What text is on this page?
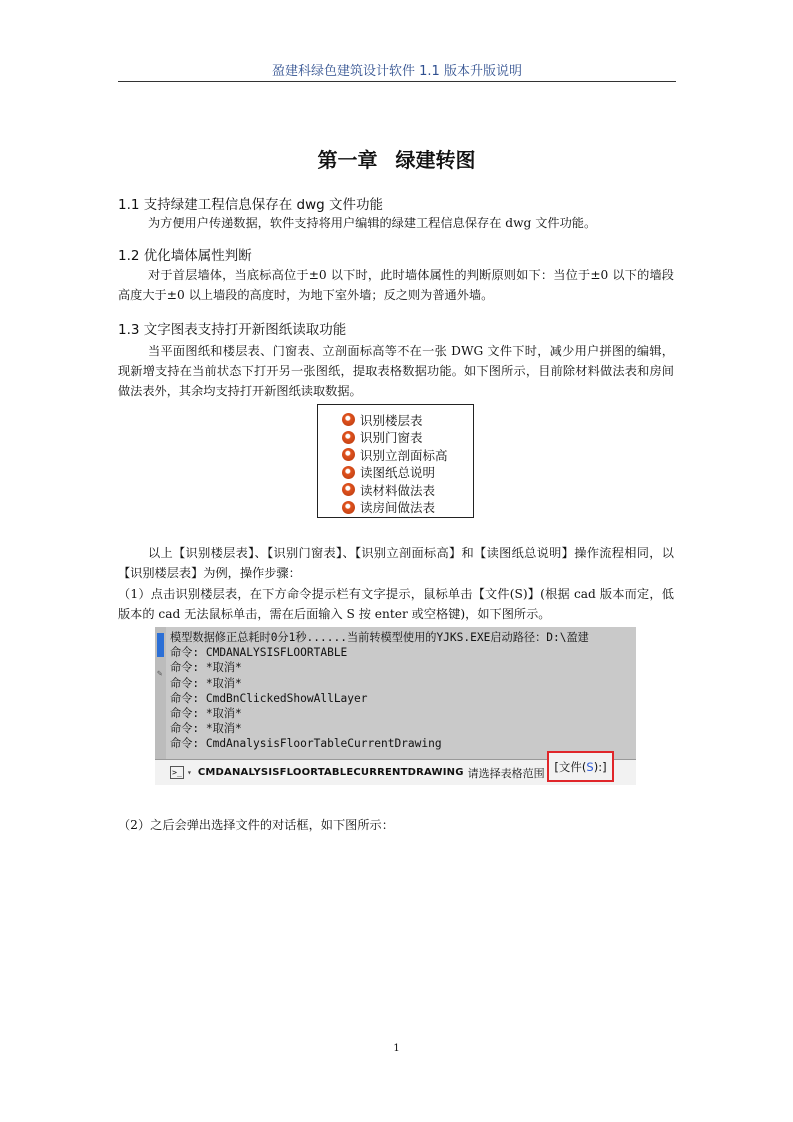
盈建科绿色建筑设计软件 1.1 版本升版说明
第一章 绿建转图
1.1 支持绿建工程信息保存在 dwg 文件功能

为方便用户传递数据，软件支持将用户编辑的绿建工程信息保存在 dwg 文件功能。

1.2 优化墙体属性判断

对于首层墙体，当底标高位于±0 以下时，此时墙体属性的判断原则如下：当位于±0 以下的墙段高度大于±0 以上墙段的高度时，为地下室外墙；反之则为普通外墙。

1.3 文字图表支持打开新图纸读取功能

当平面图纸和楼层表、门窗表、立剖面标高等不在一张 DWG 文件下时，减少用户拼图的编辑，现新增支持在当前状态下打开另一张图纸，提取表格数据功能。如下图所示，目前除材料做法表和房间做法表外，其余均支持打开新图纸读取数据。

识别楼层表
识别门窗表
识别立剖面标高
读图纸总说明
读材料做法表
读房间做法表

以上【识别楼层表】、【识别门窗表】、【识别立剖面标高】和【读图纸总说明】操作流程相同，以【识别楼层表】为例，操作步骤：

（1）点击识别楼层表，在下方命令提示栏有文字提示，鼠标单击【文件(S)】(根据 cad 版本而定，低版本的 cad 无法鼠标单击，需在后面输入 S 按 enter 或空格键)，如下图所示。

✎
模型数据修正总耗时0分1秒......当前转模型使用的YJKS.EXE启动路径：D:\盈建
命令: CMDANALYSISFLOORTABLE
命令: *取消*
命令: *取消*
命令: CmdBnClickedShowAllLayer
命令: *取消*
命令: *取消*
命令: CmdAnalysisFloorTableCurrentDrawing
>_ ▾ CMDANALYSISFLOORTABLECURRENTDRAWING 请选择表格范围 [文件( S ):]

（2）之后会弹出选择文件的对话框，如下图所示：

1
